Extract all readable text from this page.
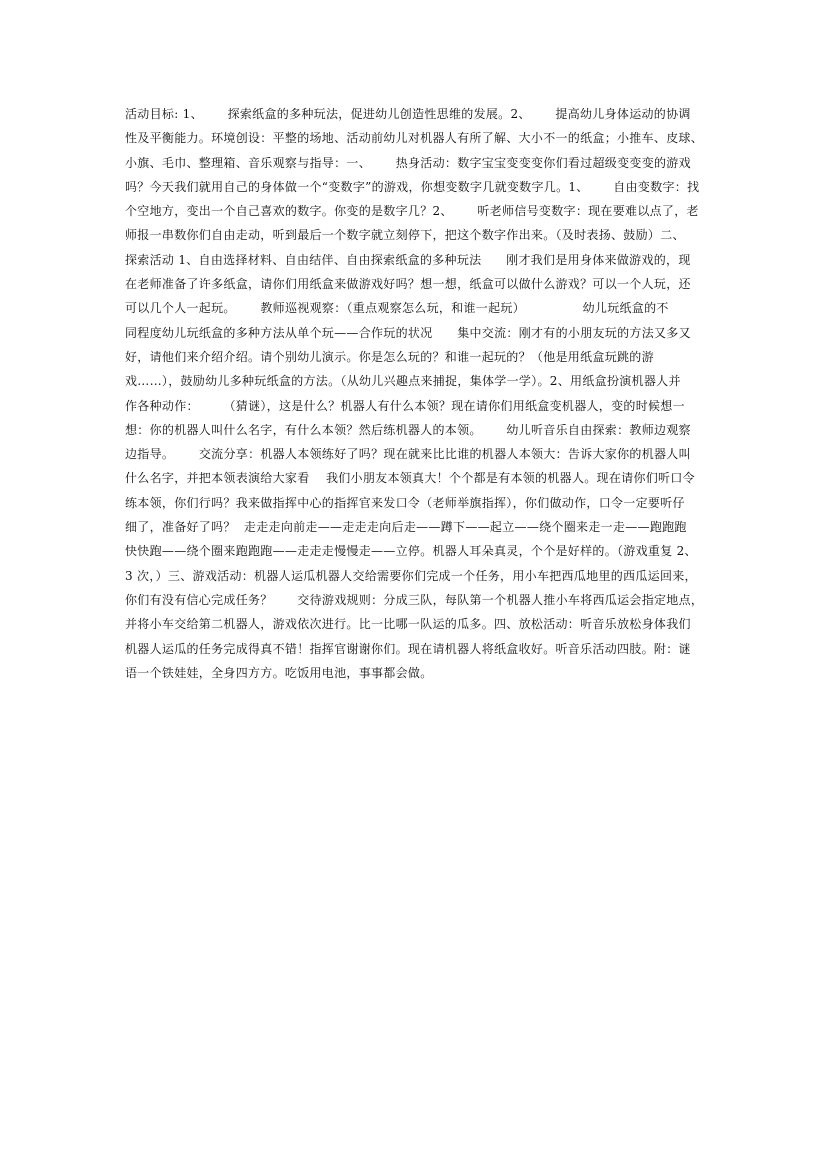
活动目标: 1、      探索纸盒的多种玩法，促进幼儿创造性思维的发展。2、      提高幼儿身体运动的协调
性及平衡能力。环境创设：平整的场地、活动前幼儿对机器人有所了解、大小不一的纸盒；小推车、皮球、
小旗、毛巾、整理箱、音乐观察与指导：一、      热身活动：数字宝宝变变变你们看过超级变变变的游戏
吗？今天我们就用自己的身体做一个“变数字”的游戏，你想变数字几就变数字几。1、      自由变数字：找
个空地方，变出一个自己喜欢的数字。你变的是数字几？2、      听老师信号变数字：现在要难以点了，老
师报一串数你们自由走动，听到最后一个数字就立刻停下，把这个数字作出来。（及时表扬、鼓励）二、
探索活动 1、自由选择材料、自由结伴、自由探索纸盒的多种玩法      刚才我们是用身体来做游戏的，现
在老师准备了许多纸盒，请你们用纸盒来做游戏好吗？想一想，纸盒可以做什么游戏？可以一个人玩，还
可以几个人一起玩。      教师巡视观察：（重点观察怎么玩，和谁一起玩）              幼儿玩纸盒的不
同程度幼儿玩纸盒的多种方法从单个玩——合作玩的状况      集中交流：刚才有的小朋友玩的方法又多又
好，请他们来介绍介绍。请个别幼儿演示。你是怎么玩的？和谁一起玩的？（他是用纸盒玩跳的游
戏……），鼓励幼儿多种玩纸盒的方法。（从幼儿兴趣点来捕捉，集体学一学）。2、用纸盒扮演机器人并
作各种动作：      （猜谜），这是什么？机器人有什么本领？现在请你们用纸盒变机器人，变的时候想一
想：你的机器人叫什么名字，有什么本领？然后练机器人的本领。      幼儿听音乐自由探索：教师边观察
边指导。      交流分享：机器人本领练好了吗？现在就来比比谁的机器人本领大：告诉大家你的机器人叫
什么名字，并把本领表演给大家看    我们小朋友本领真大！个个都是有本领的机器人。现在请你们听口令
练本领，你们行吗？我来做指挥中心的指挥官来发口令（老师举旗指挥），你们做动作，口令一定要听仔
细了，准备好了吗？  走走走向前走——走走走向后走——蹲下——起立——绕个圈来走一走——跑跑跑
快快跑——绕个圈来跑跑跑——走走走慢慢走——立停。机器人耳朵真灵，个个是好样的。（游戏重复 2、
3 次，）三、游戏活动：机器人运瓜机器人交给需要你们完成一个任务，用小车把西瓜地里的西瓜运回来，
你们有没有信心完成任务？      交待游戏规则：分成三队，每队第一个机器人推小车将西瓜运会指定地点，
并将小车交给第二机器人，游戏依次进行。比一比哪一队运的瓜多。四、放松活动：听音乐放松身体我们
机器人运瓜的任务完成得真不错！指挥官谢谢你们。现在请机器人将纸盒收好。听音乐活动四肢。附：谜
语一个铁娃娃，全身四方方。吃饭用电池，事事都会做。
